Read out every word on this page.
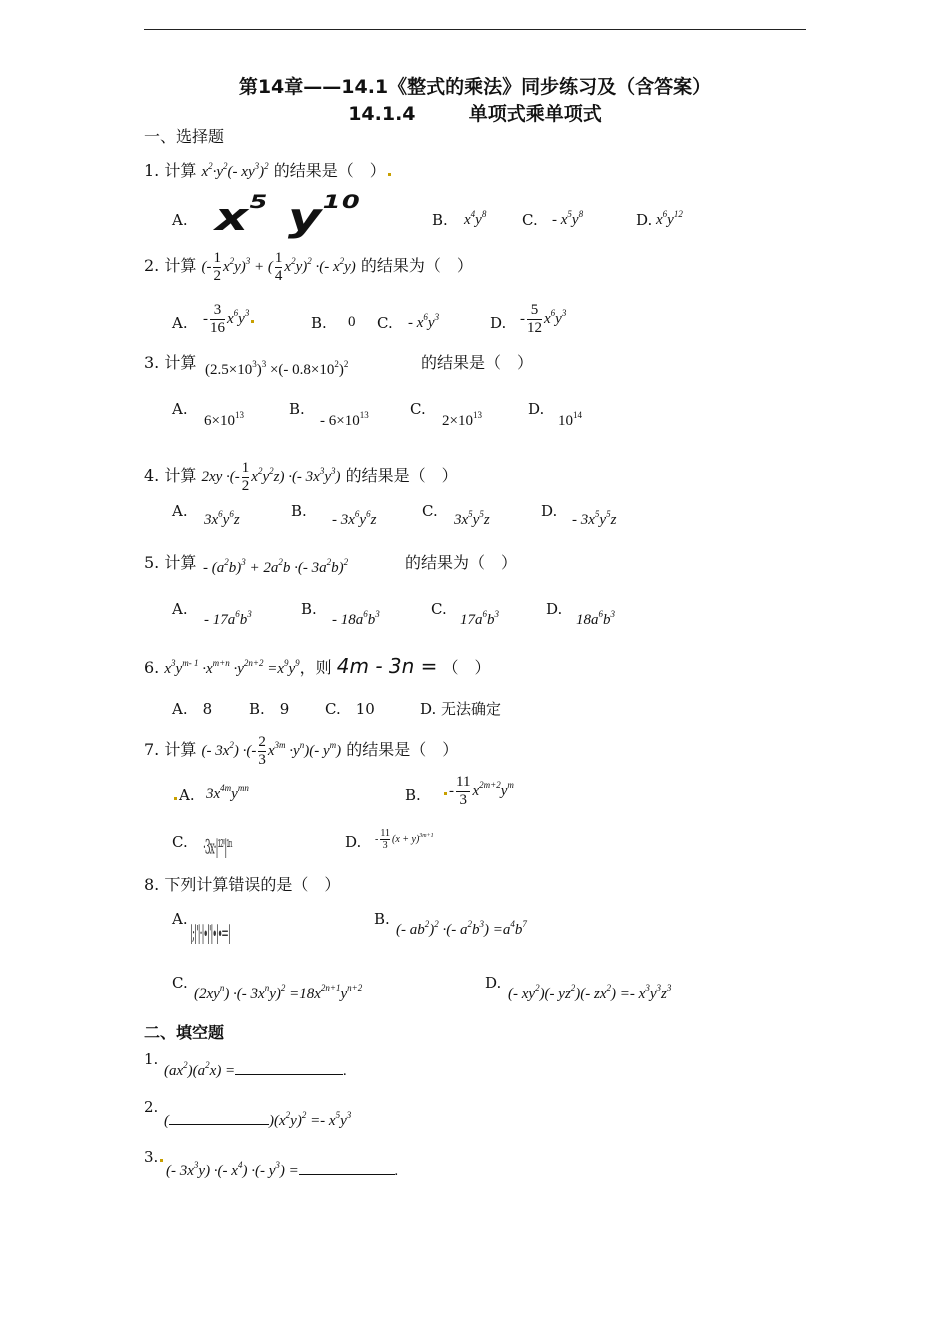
第14章——14.1《整式的乘法》同步练习及（含答案）
14.1.4	单项式乘单项式
一、选择题
1. 计算 $x^2\cdot y^2(-$ $xy^3)^2$ 的结果是（　）
A. $x^5$ $y^{10}$
B. $x^4y^8$ C. - $x^5y^8$	D. $x^6y^{12}$
2. 计算 (- $\frac{1}{2} x^2y)^3$ + ( $\frac{1}{4} x^2y)^2$ ·(- $x^2y$) 的结果为（　）
A. - $\frac{3}{16} x^6y^3$
B. 0 C. - $x^6y^3$	D. - $\frac{5}{12} x^6y^3$
3. 计算 $(2.5\times 10^3)^3$ ×(- $0.8\times 10^2)^2$	的结果是（　）
A.
$6\times 10^{13}$	B.
- $6\times 10^{13}$	C.
$2\times 10^{13}$	D.
$10^{14}$
4. 计算 2xy ·(- $\frac{1}{2} x^2y^2z$) ·(- $3x^3y^3$) 的结果是（　）
A. $3x^6y^6z$	B. - $3x^6y^6z$	C. $3x^5y^5z$	D. - $3x^5y^5z$
5. 计算 - $(a^2b)^3 + 2a^2b$ ·(- $3a^2b)^2$	的结果为（　）
A.
- $17a^6b^3$	B.
- $18a^6b^3$	C.
$17a^6b^3$	D.
$18a^6b^3$
6. $x^3y^{m- 1} \cdot x^{m+n} \cdot y^{2n+2} =x^9y^9$，则 4m - 3n = （　）
A.　8 B.　9 C.　10	D. 无法确定
7. 计算 (- $3x^2$) ·(- $\frac{2}{3} x^{3m} \cdot y^n)(-$ $y^m$) 的结果是（　）
A. $3x^{4m}y^{mn}$	B.	- $\frac{11}{3} x^{2m+2}y^m$
C. ·3x·|¹²'|¹ⁿ	D. - $\frac{11}{3} (x + y)^{3m+1}$
8. 下列计算错误的是（　）
A.
|;|'|·|∙|'|∙|∙=|
B.
(- $ab^2)^2$ ·(- $a^2b^3) =a^4b^7$
C.
$(2xy^n)$ ·(- $3x^ny)^2 =18x^{2n+1}y^{n+2}$	D.
(- $xy^2)(-$ $yz^2)(-$ $zx^2) =- x^3y^3z^3$
二、填空题
1.
$(ax^2)(a^2x)$ =	.
2.
(	)$(x^2y)^2 =- x^5y^3$
3.
(- $3x^3y$) ·(- $x^4$) ·(- $y^3$) =	.
